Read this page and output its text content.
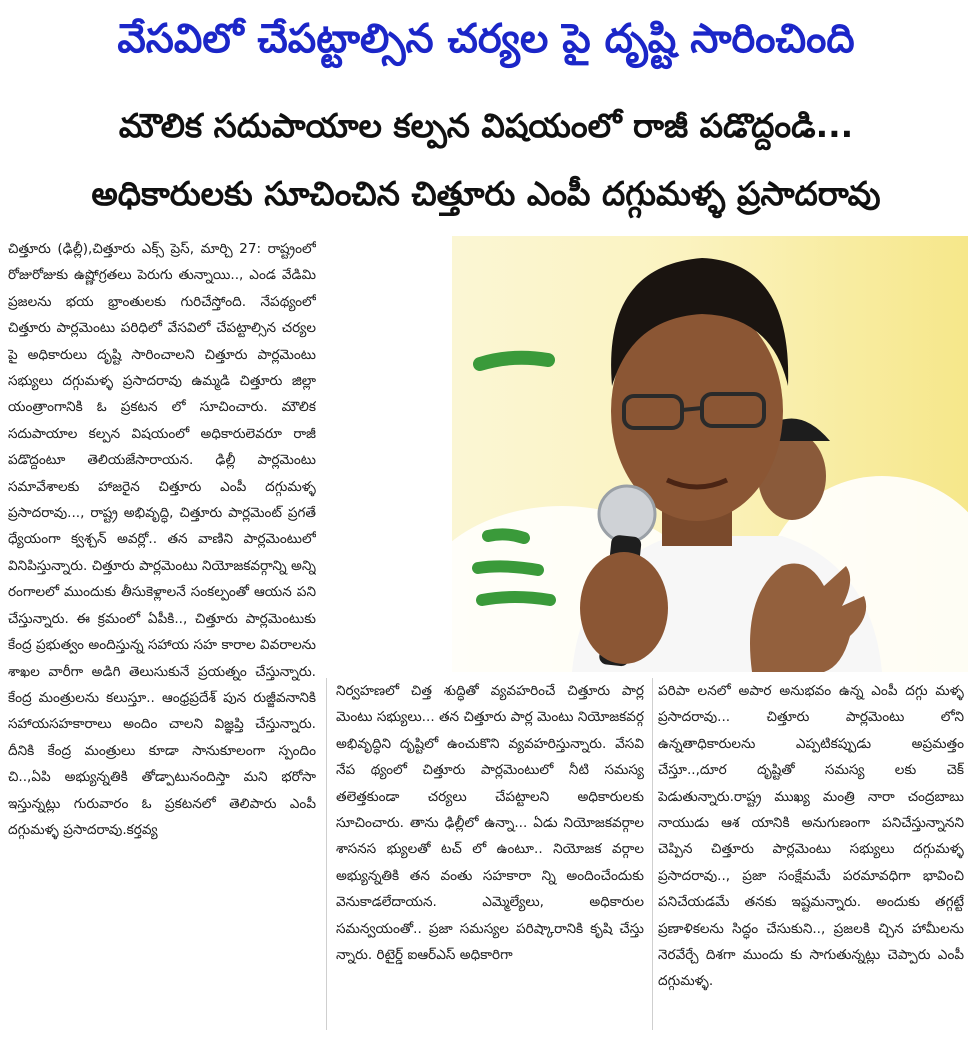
వేసవిలో చేపట్టాల్సిన చర్యల పై దృష్టి సారించింది
మౌలిక సదుపాయాల కల్పన విషయంలో రాజీ పడొద్దండి...
అధికారులకు సూచించిన చిత్తూరు ఎంపీ దగ్గుమళ్ళ ప్రసాదరావు
చిత్తూరు (ఢిల్లీ),చిత్తూరు ఎక్స్ ప్రెస్, మార్చి 27: రాష్ట్రంలో రోజురోజుకు ఉష్ణోగ్రతలు పెరుగు తున్నాయి.., ఎండ వేడిమి ప్రజలను భయ భ్రాంతులకు గురిచేస్తోంది. నేపథ్యంలో చిత్తూరు పార్లమెంటు పరిధిలో వేసవిలో చేపట్టాల్సిన చర్యల పై అధికారులు దృష్టి సారించాలని చిత్తూరు పార్లమెంటు సభ్యులు దగ్గుమళ్ళ ప్రసాదరావు ఉమ్మడి చిత్తూరు జిల్లా యంత్రాంగానికి ఓ ప్రకటన లో సూచించారు. మౌలిక సదుపాయాల కల్పన విషయంలో అధికారులెవరూ రాజీ పడొద్దంటూ తెలియజేసారాయన. ఢిల్లీ పార్లమెంటు సమావేశాలకు హాజరైన చిత్తూరు ఎంపీ దగ్గుమళ్ళ ప్రసాదరావు..., రాష్ట్ర అభివృద్ధి, చిత్తూరు పార్లమెంట్ ప్రగతే ధ్యేయంగా క్వశ్చన్ అవర్లో.. తన వాణిని పార్లమెంటులో వినిపిస్తున్నారు. చిత్తూరు పార్లమెంటు నియోజకవర్గాన్ని అన్ని రంగాలలో ముందుకు తీసుకెళ్లాలనే సంకల్పంతో ఆయన పని చేస్తున్నారు. ఈ క్రమంలో ఏపీకి.., చిత్తూరు పార్లమెంటుకు కేంద్ర ప్రభుత్వం అందిస్తున్న సహాయ సహ కారాల వివరాలను శాఖల వారీగా అడిగి తెలుసుకునే ప్రయత్నం చేస్తున్నారు. కేంద్ర మంత్రులను కలుస్తూ.. ఆంధ్రప్రదేశ్ పున రుజ్జీవనానికి సహాయసహకారాలు అందిం చాలని విజ్ఞప్తి చేస్తున్నారు. దీనికి కేంద్ర మంత్రులు కూడా సానుకూలంగా స్పందిం చి..,ఏపి అభ్యున్నతికి తోడ్పాటునందిస్తా మని భరోసా ఇస్తున్నట్లు గురువారం ఓ ప్రకటనలో తెలిపారు ఎంపీ దగ్గుమళ్ళ ప్రసాదరావు.కర్తవ్య
నిర్వహణలో చిత్త శుద్ధితో వ్యవహరించే చిత్తూరు పార్ల మెంటు సభ్యులు... తన చిత్తూరు పార్ల మెంటు నియోజకవర్గ అభివృద్ధిని దృష్టిలో ఉంచుకొని వ్యవహరిస్తున్నారు. వేసవి నేప థ్యంలో చిత్తూరు పార్లమెంటులో నీటి సమస్య తలెత్తకుండా చర్యలు చేపట్టాలని అధికారులకు సూచించారు. తాను ఢిల్లీలో ఉన్నా... ఏడు నియోజకవర్గాల శాసనస భ్యులతో టచ్ లో ఉంటూ.. నియోజక వర్గాల అభ్యున్నతికి తన వంతు సహకారా న్ని అందించేందుకు వెనుకాడలేదాయన. ఎమ్మెల్యేలు, అధికారుల సమన్వయంతో.. ప్రజా సమస్యల పరిష్కారానికి కృషి చేస్తు న్నారు. రిటైర్డ్ ఐఆర్ఎస్ అధికారిగా
పరిపా లనలో అపార అనుభవం ఉన్న ఎంపీ దగ్గు మళ్ళ ప్రసాదరావు... చిత్తూరు పార్లమెంటు లోని ఉన్నతాధికారులను ఎప్పటికప్పుడు అప్రమత్తం చేస్తూ..,దూర దృష్టితో సమస్య లకు చెక్ పెడుతున్నారు.రాష్ట్ర ముఖ్య మంత్రి నారా చంద్రబాబు నాయుడు ఆశ యానికి అనుగుణంగా పనిచేస్తున్నానని చెప్పిన చిత్తూరు పార్లమెంటు సభ్యులు దగ్గుమళ్ళ ప్రసాదరావు.., ప్రజా సంక్షేమమే పరమావధిగా భావించి పనిచేయడమే తనకు ఇష్టమన్నారు. అందుకు తగ్గట్టే ప్రణాళికలను సిద్ధం చేసుకుని.., ప్రజలకి చ్చిన హామీలను నెరవేర్చే దిశగా ముందు కు సాగుతున్నట్లు చెప్పారు ఎంపీ దగ్గుమళ్ళ.
